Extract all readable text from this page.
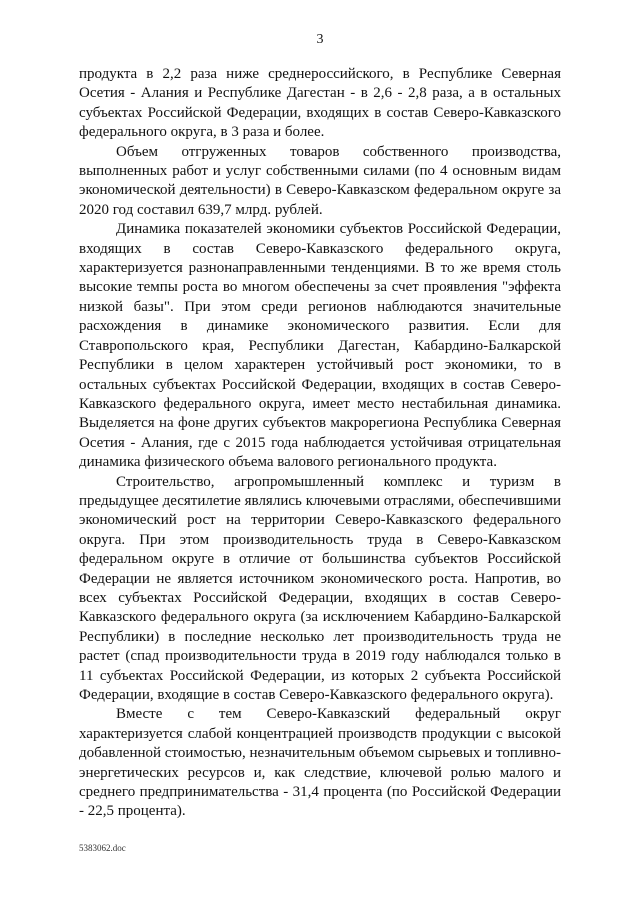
3

продукта в 2,2 раза ниже среднероссийского, в Республике Северная Осетия - Алания и Республике Дагестан - в 2,6 - 2,8 раза, а в остальных субъектах Российской Федерации, входящих в состав Северо-Кавказского федерального округа, в 3 раза и более.

Объем отгруженных товаров собственного производства, выполненных работ и услуг собственными силами (по 4 основным видам экономической деятельности) в Северо-Кавказском федеральном округе за 2020 год составил 639,7 млрд. рублей.

Динамика показателей экономики субъектов Российской Федерации, входящих в состав Северо-Кавказского федерального округа, характеризуется разнонаправленными тенденциями. В то же время столь высокие темпы роста во многом обеспечены за счет проявления "эффекта низкой базы". При этом среди регионов наблюдаются значительные расхождения в динамике экономического развития. Если для Ставропольского края, Республики Дагестан, Кабардино-Балкарской Республики в целом характерен устойчивый рост экономики, то в остальных субъектах Российской Федерации, входящих в состав Северо-Кавказского федерального округа, имеет место нестабильная динамика. Выделяется на фоне других субъектов макрорегиона Республика Северная Осетия - Алания, где с 2015 года наблюдается устойчивая отрицательная динамика физического объема валового регионального продукта.

Строительство, агропромышленный комплекс и туризм в предыдущее десятилетие являлись ключевыми отраслями, обеспечившими экономический рост на территории Северо-Кавказского федерального округа. При этом производительность труда в Северо-Кавказском федеральном округе в отличие от большинства субъектов Российской Федерации не является источником экономического роста. Напротив, во всех субъектах Российской Федерации, входящих в состав Северо-Кавказского федерального округа (за исключением Кабардино-Балкарской Республики) в последние несколько лет производительность труда не растет (спад производительности труда в 2019 году наблюдался только в 11 субъектах Российской Федерации, из которых 2 субъекта Российской Федерации, входящие в состав Северо-Кавказского федерального округа).

Вместе с тем Северо-Кавказский федеральный округ характеризуется слабой концентрацией производств продукции с высокой добавленной стоимостью, незначительным объемом сырьевых и топливно-энергетических ресурсов и, как следствие, ключевой ролью малого и среднего предпринимательства - 31,4 процента (по Российской Федерации - 22,5 процента).

5383062.doc
